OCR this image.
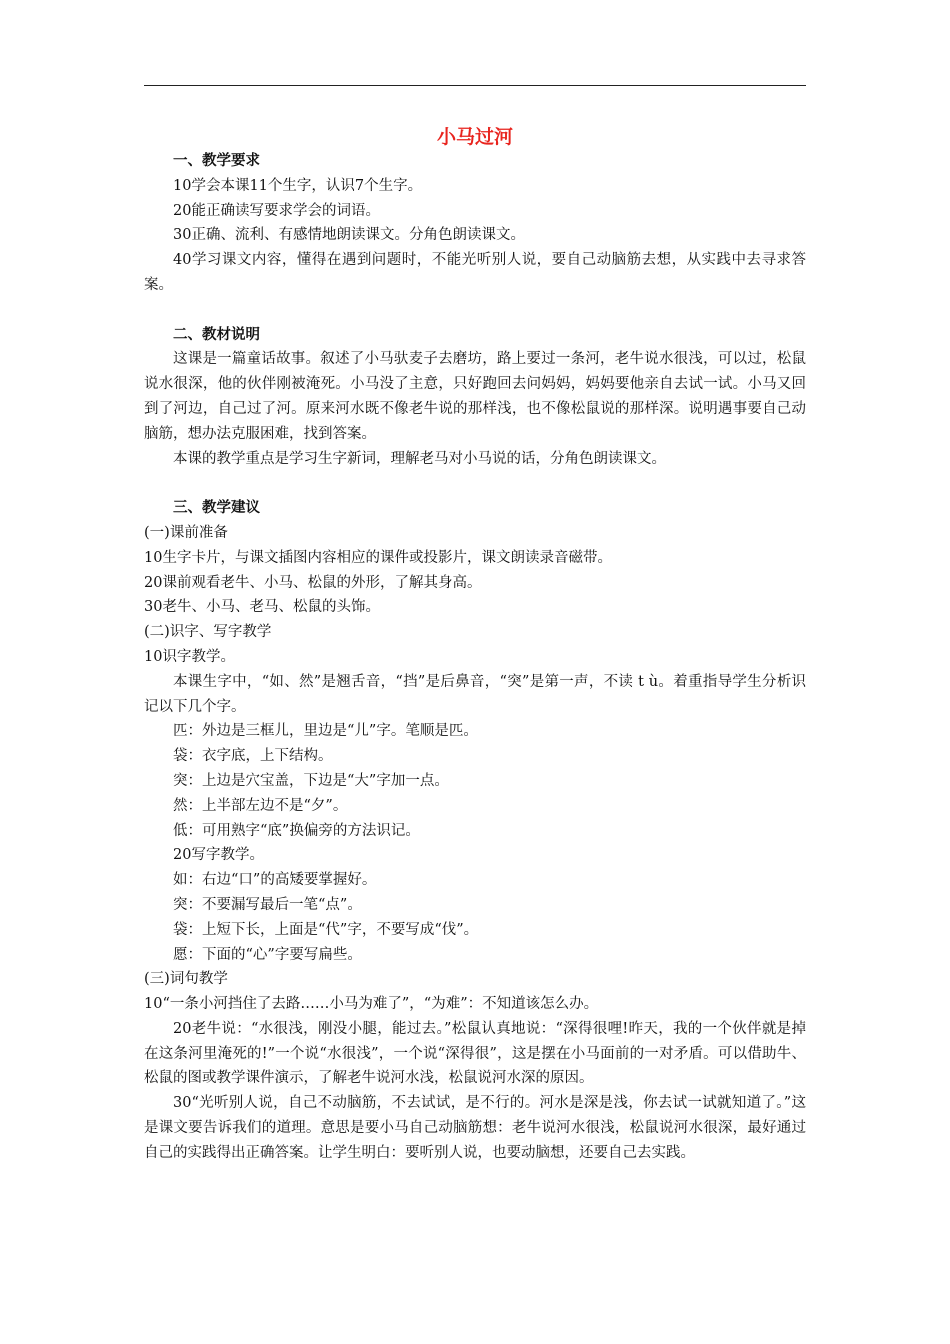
小马过河

一、教学要求

10学会本课11个生字，认识7个生字。

20能正确读写要求学会的词语。

30正确、流利、有感情地朗读课文。分角色朗读课文。

40学习课文内容，懂得在遇到问题时，不能光听别人说，要自己动脑筋去想，从实践中去寻求答案。

二、教材说明

这课是一篇童话故事。叙述了小马驮麦子去磨坊，路上要过一条河，老牛说水很浅，可以过，松鼠说水很深，他的伙伴刚被淹死。小马没了主意，只好跑回去问妈妈，妈妈要他亲自去试一试。小马又回到了河边，自己过了河。原来河水既不像老牛说的那样浅，也不像松鼠说的那样深。说明遇事要自己动脑筋，想办法克服困难，找到答案。

本课的教学重点是学习生字新词，理解老马对小马说的话，分角色朗读课文。

三、教学建议

(一)课前准备

10生字卡片，与课文插图内容相应的课件或投影片，课文朗读录音磁带。

20课前观看老牛、小马、松鼠的外形，了解其身高。

30老牛、小马、老马、松鼠的头饰。

(二)识字、写字教学

10识字教学。

本课生字中，“如、然”是翘舌音，“挡”是后鼻音，“突”是第一声，不读 t ù。着重指导学生分析识记以下几个字。

匹：外边是三框儿，里边是“儿”字。笔顺是匹。

袋：衣字底，上下结构。

突：上边是穴宝盖，下边是“大”字加一点。

然：上半部左边不是“夕”。

低：可用熟字“底”换偏旁的方法识记。

20写字教学。

如：右边“口”的高矮要掌握好。

突：不要漏写最后一笔“点”。

袋：上短下长，上面是“代”字，不要写成“伐”。

愿：下面的“心”字要写扁些。

(三)词句教学

10“一条小河挡住了去路……小马为难了”，“为难”：不知道该怎么办。

20老牛说：“水很浅，刚没小腿，能过去。”松鼠认真地说：“深得很哩!昨天，我的一个伙伴就是掉在这条河里淹死的!”一个说“水很浅”，一个说“深得很”，这是摆在小马面前的一对矛盾。可以借助牛、松鼠的图或教学课件演示，了解老牛说河水浅，松鼠说河水深的原因。

30“光听别人说，自己不动脑筋，不去试试，是不行的。河水是深是浅，你去试一试就知道了。”这是课文要告诉我们的道理。意思是要小马自己动脑筋想：老牛说河水很浅，松鼠说河水很深，最好通过自己的实践得出正确答案。让学生明白：要听别人说，也要动脑想，还要自己去实践。
